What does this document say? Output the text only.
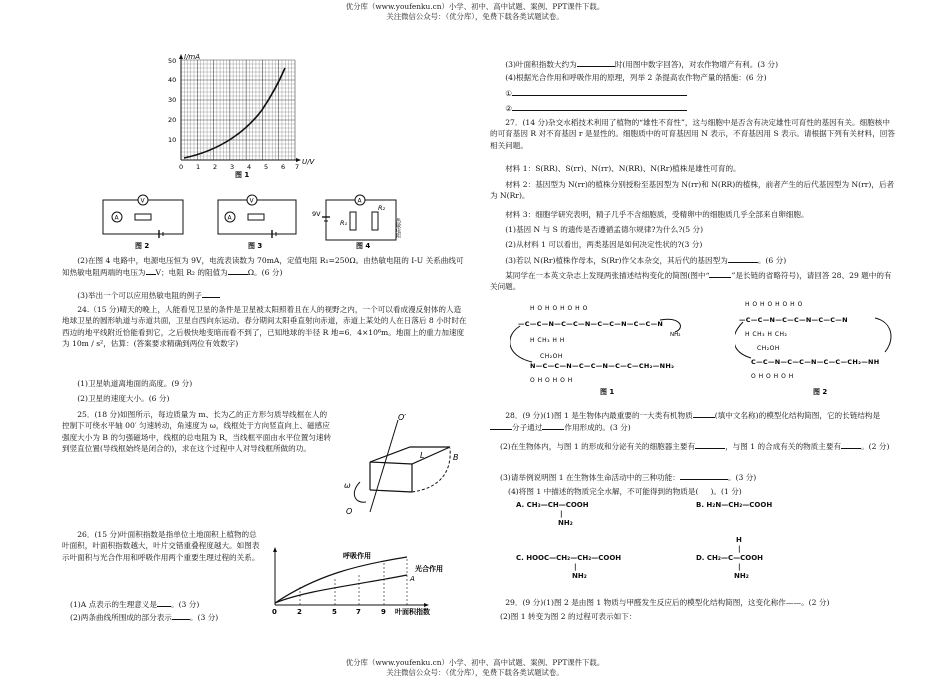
优分库（www.youfenku.cn）小学、初中、高中试题、案例、PPT课件下载。
关注微信公众号：（优分库），免费下载各类试题试卷。
优分库（www.youfenku.cn）小学、初中、高中试题、案例、PPT课件下载。
关注微信公众号：（优分库），免费下载各类试题试卷。
I/mA
U/V
10
20
30
40
50
0 1 2 3 4 5 6 7
图 1
V
A
图 2
V
A
图 3
A
9V
R₁
R₂
热敏电阻
图 4
(2)在图 4 电路中，电源电压恒为 9V，电流表读数为 70mA，定值电阻 R₁=250Ω。由热敏电阻的 I-U 关系曲线可知热敏电阻两端的电压为 V；电阻 R₂ 的阻值为	Ω。(6 分)
(3)举出一个可以应用热敏电阻的例子
24.（15 分)晴天的晚上，人能看见卫星的条件是卫星被太阳照着且在人的视野之内，一个可以看成漫反射体的人造地球卫星的圆形轨道与赤道共面，卫星自西向东运动。春分期间太阳垂直射向赤道，赤道上某处的人在日落后 8 小时时在西边的地平线附近恰能看到它，之后极快地变暗而看不到了，已知地球的半径 R 地=6．4×10⁶m。地面上的重力加速度为 10m / s²，估算：(答案要求精确到两位有效数字)
(1)卫星轨道离地面的高度。(9 分)
(2)卫星的速度大小。(6 分)
25．(18 分)如图所示，每边质量为 m、长为乙的正方形匀质导线框在人的控制下可绕水平轴 00′ 匀速转动，角速度为 ω，线框处于方向竖直向上、磁感应强度大小为 B 的匀强磁场中，线框的总电阻为 R，当线框平面由水平位置匀速转到竖直位置(导线框始终是闭合的)，求在这个过程中人对导线框所做的功。
O′
O
ω
L	B
26．(15 分)叶面积指数是指单位土地面积上植物的总叶面积，叶面积指数越大，叶片交错重叠程度越大。如图表示叶面积与光合作用和呼吸作用两个重要生理过程的关系。
(1)A 点表示的生理意义是 。(3 分)
(2)两条曲线所围成的部分表示 。(3 分)
呼吸作用
光合作用
A
0	2	5	7	9 叶面积指数
(3)叶面积指数大约为	时(用图中数字回答)，对农作物增产有利。(3 分)
(4)根据光合作用和呼吸作用的原理，列举 2 条提高农作物产量的措施：(6 分)
①
②
27．(14 分)杂交水稻技术利用了植物的“雄性不育性”，这与细胞中是否含有决定雄性可育性的基因有关。细胞核中的可育基因 R 对不育基因 r 是显性的。细胞质中的可育基因用 N 表示，不育基因用 S 表示。请根据下列有关材料，回答相关问题。
材料 1：S(RR)、S(rr)、N(rr)、N(RR)、N(Rr)植株是雄性可育的。
材料 2：基因型为 N(rr)的植株分别授粉至基因型为 N(rr)和 N(RR)的植株，前者产生的后代基因型为 N(rr)，后者为 N(Rr)。
材料 3：细胞学研究表明，精子几乎不含细胞质，受精卵中的细胞质几乎全部来自卵细胞。
(1)基因 N 与 S 的遗传是否遵循孟德尔规律?为什么?(5 分)
(2)从材料 1 可以看出，两类基因是如何决定性状的?(3 分)
(3)若以 N(Rr)植株作母本，S(Rr)作父本杂交，其后代的基因型为	。(6 分)
某同学在一本英文杂志上发现两张描述结构变化的简图(图中“	”是长链的省略符号)，请回答 28、29 题中的有关问题。
H O H O H O H O
—C—C—N—C—C—N—C—C—N—C—C—N
H CH₃ H H
NH₂
CH₂OH
N—C—C—N—C—C—N—C—C—CH₂—NH₂
O H O H O H
图 1
H O H O H O H O
—C—C—N—C—C—N—C—C—N
H CH₃ H CH₂
CH₂OH
C—C—N—C—C—N—C—C—CH₂—NH
O H O H O H
图 2
28．(9 分)(1)图 1 是生物体内最重要的一大类有机物质	(填中文名称)的模型化结构简图，它的长链结构是分子通过	作用形成的。(3 分)
(2)在生物体内，与图 1 的形成和分泌有关的细胞器主要有	，与图 1 的合成有关的物质主要有	。(2 分)
(3)请举例说明图 1 在生物体生命活动中的三种功能：	。(3 分)
(4)将图 1 中描述的物质完全水解，不可能得到的物质是( )。(1 分)
A. CH₃—CH—COOH
|
NH₂
B. H₂N—CH₂—COOH
C. HOOC—CH₂—CH₂—COOH
|
NH₂
H
|
D. CH₂—C—COOH
|
NH₂
29．(9 分)(1)图 2 是由图 1 物质与甲醛发生反应后的模型化结构简图，这变化称作——。(2 分)
(2)图 1 转变为图 2 的过程可表示如下：
